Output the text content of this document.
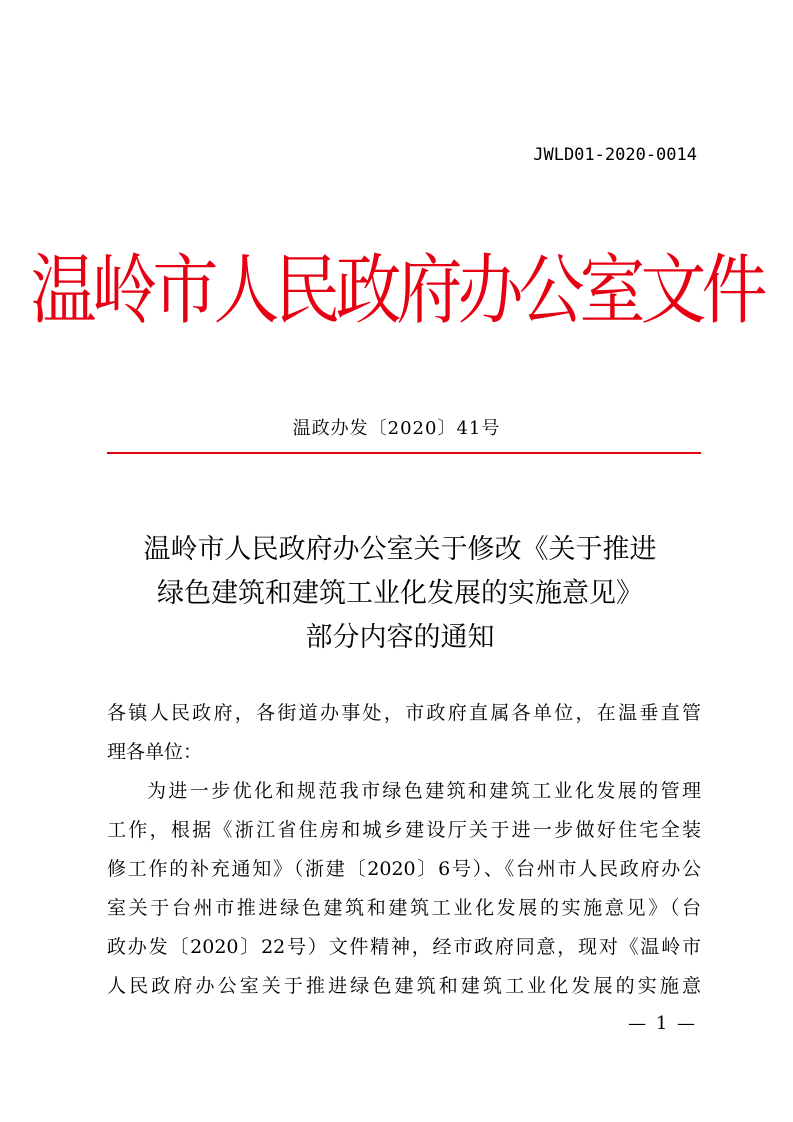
JWLD01-2020-0014
温岭市人民政府办公室文件
温政办发〔2020〕41号
温岭市人民政府办公室关于修改《关于推进
绿色建筑和建筑工业化发展的实施意见》
部分内容的通知
各镇人民政府，各街道办事处，市政府直属各单位，在温垂直管
理各单位：
为进一步优化和规范我市绿色建筑和建筑工业化发展的管理
工作，根据《浙江省住房和城乡建设厅关于进一步做好住宅全装
修工作的补充通知》（浙建〔2020〕6号）、《台州市人民政府办公
室关于台州市推进绿色建筑和建筑工业化发展的实施意见》（台
政办发〔2020〕22号）文件精神，经市政府同意，现对《温岭市
人民政府办公室关于推进绿色建筑和建筑工业化发展的实施意
— 1 —
